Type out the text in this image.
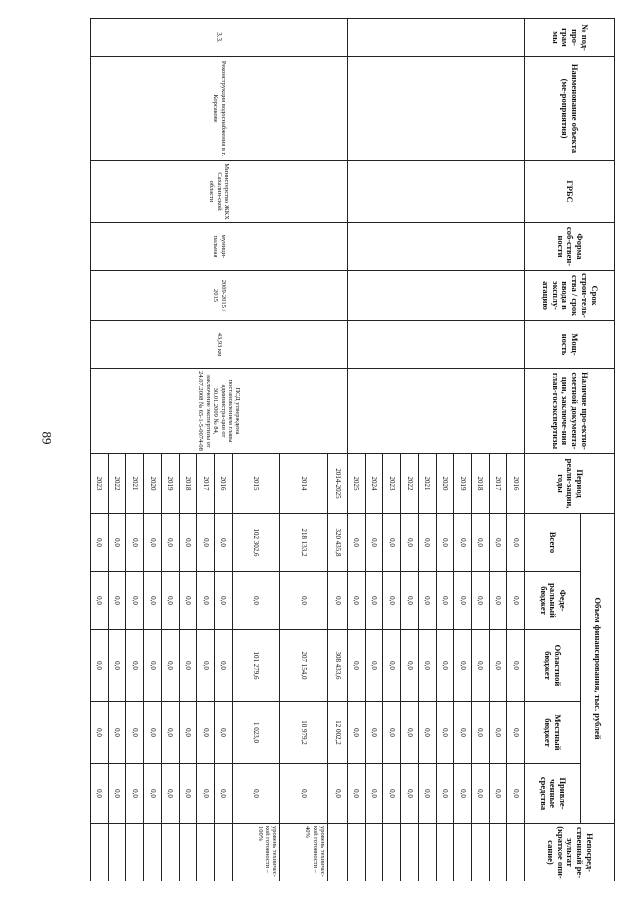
89
№ под-про-грам мы	Наименование объекта (ме-роприятия)	ГРБС	Форма соб-ствен-ности	Срок строи-тель-ства / срок ввода в эксплу-атацию	Мощ-ность	Наличие про-ектно-сметной документа-ции, заключе-ния глав-госэкспертизы	Период реали-зации, годы	Объем финансирования, тыс. рублей					Непосред-ственный ре-зультат (краткое опи-сание)
								Всего	Феде-ральный бюджет	Областной бюджет	Местный бюджет	Привле-ченные средства	
							2016	0,0	0,0	0,0	0,0	0,0	
							2017	0,0	0,0	0,0	0,0	0,0	
							2018	0,0	0,0	0,0	0,0	0,0	
							2019	0,0	0,0	0,0	0,0	0,0	
							2020	0,0	0,0	0,0	0,0	0,0	
							2021	0,0	0,0	0,0	0,0	0,0	
							2022	0,0	0,0	0,0	0,0	0,0	
							2023	0,0	0,0	0,0	0,0	0,0	
							2024	0,0	0,0	0,0	0,0	0,0	
							2025	0,0	0,0	0,0	0,0	0,0	
3.3.	Реконструкция водоснабжения в г. Корсакове	Министерство ЖКХ Сахалин-ской области	муници-пальная	2009-2015 / 2015	43,93 км	ПСД утверждена постановлением главы администра-ции от 30.01.2009 № 84, заключение экспертизы от 24.07.2008 № 65-1-5-0074-08	2014-2025	320 435,8	0,0	308 433,6	12 002,2	0,0	
							2014	218 133,2	0,0	207 154,0	10 979,2	0,0	уровень техничес-кой готовности – 40%
							2015	102 302,6	0,0	101 279,6	1 023,0	0,0	уровень техничес-кой готовности – 100%
							2016	0,0	0,0	0,0	0,0	0,0	
							2017	0,0	0,0	0,0	0,0	0,0	
							2018	0,0	0,0	0,0	0,0	0,0	
							2019	0,0	0,0	0,0	0,0	0,0	
							2020	0,0	0,0	0,0	0,0	0,0	
							2021	0,0	0,0	0,0	0,0	0,0	
							2022	0,0	0,0	0,0	0,0	0,0	
							2023	0,0	0,0	0,0	0,0	0,0	
